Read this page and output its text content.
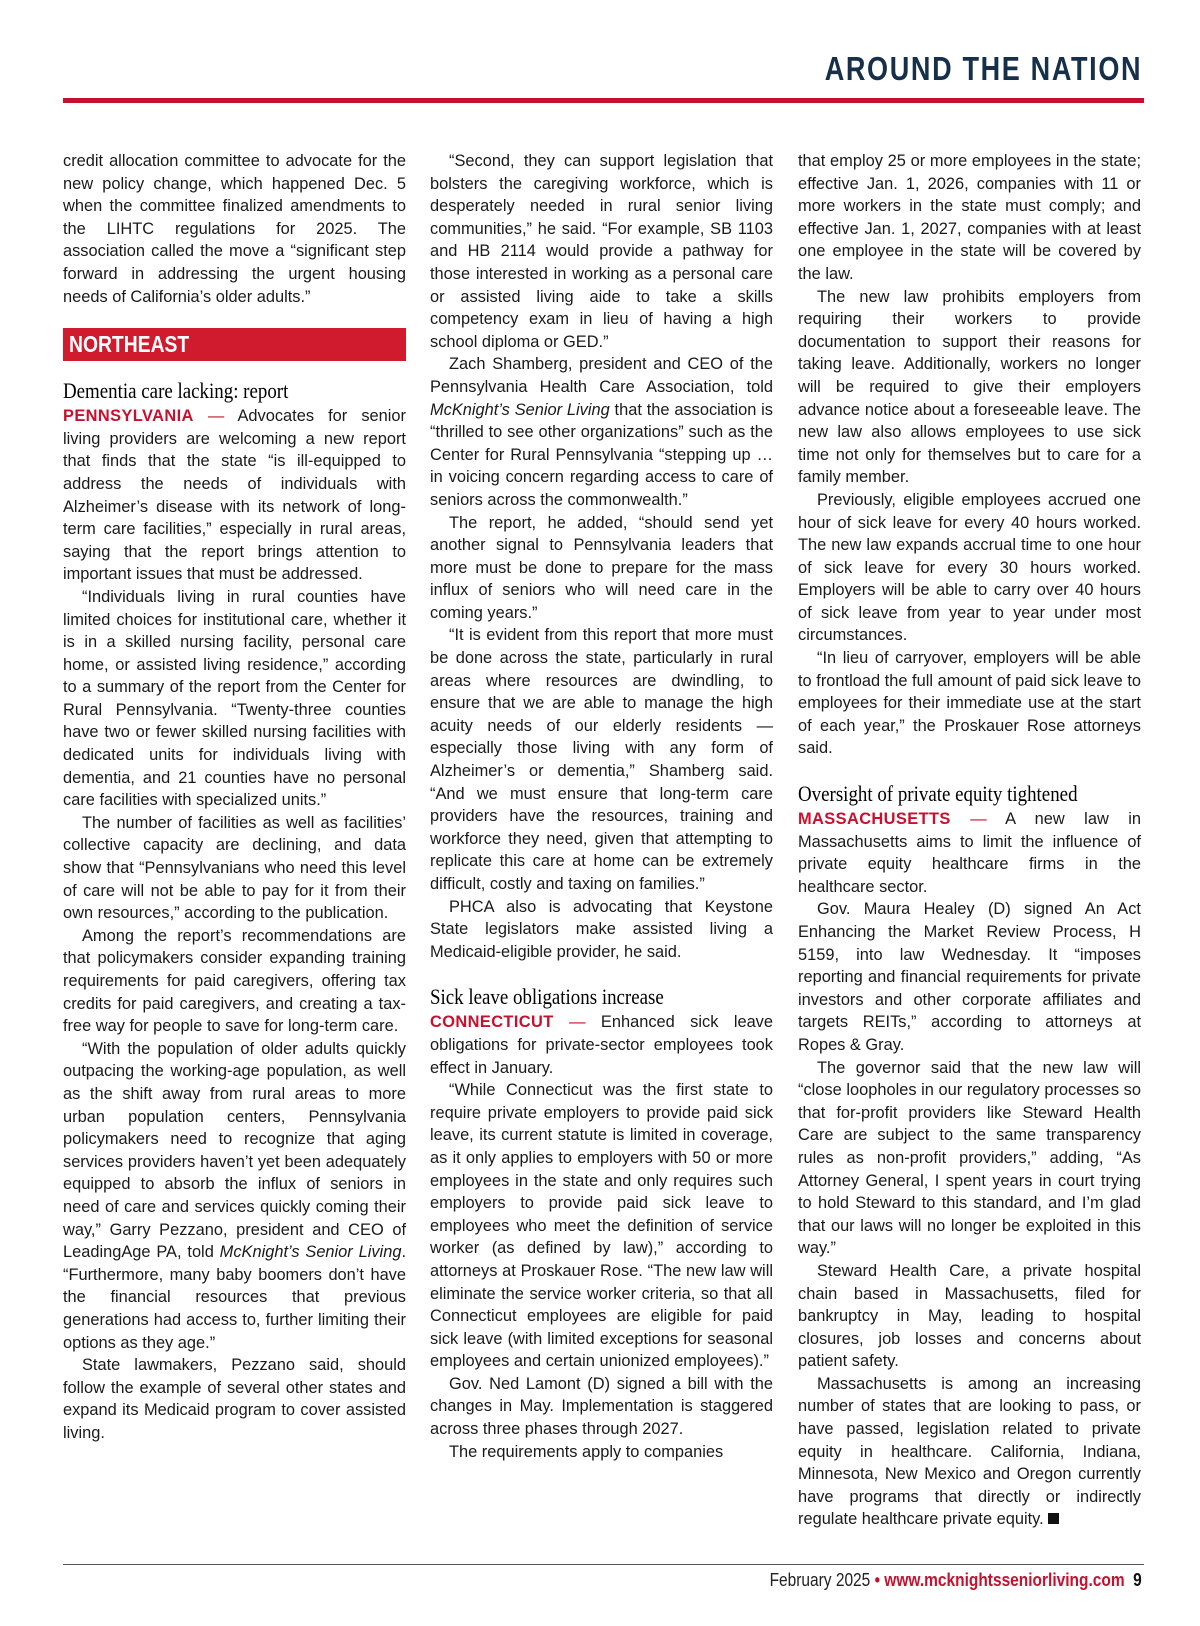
AROUND THE NATION

credit allocation committee to advocate for the new policy change, which happened Dec. 5 when the committee finalized amendments to the LIHTC regulations for 2025. The association called the move a “significant step forward in addressing the urgent housing needs of California’s older adults.”

NORTHEAST

Dementia care lacking: report

PENNSYLVANIA — Advocates for senior living providers are welcoming a new report that finds that the state “is ill-equipped to address the needs of individuals with Alzheimer’s disease with its network of long-term care facilities,” especially in rural areas, saying that the report brings attention to important issues that must be addressed.

“Individuals living in rural counties have limited choices for institutional care, whether it is in a skilled nursing facility, personal care home, or assisted living residence,” according to a summary of the report from the Center for Rural Pennsylvania. “Twenty-three counties have two or fewer skilled nursing facilities with dedicated units for individuals living with dementia, and 21 counties have no personal care facilities with specialized units.”

The number of facilities as well as facilities’ collective capacity are declining, and data show that “Pennsylvanians who need this level of care will not be able to pay for it from their own resources,” according to the publication.

Among the report’s recommendations are that policymakers consider expanding training requirements for paid caregivers, offering tax credits for paid caregivers, and creating a tax-free way for people to save for long-term care.

“With the population of older adults quickly outpacing the working-age population, as well as the shift away from rural areas to more urban population centers, Pennsylvania policymakers need to recognize that aging services providers haven’t yet been adequately equipped to absorb the influx of seniors in need of care and services quickly coming their way,” Garry Pezzano, president and CEO of LeadingAge PA, told McKnight’s Senior Living. “Furthermore, many baby boomers don’t have the financial resources that previous generations had access to, further limiting their options as they age.”

State lawmakers, Pezzano said, should follow the example of several other states and expand its Medicaid program to cover assisted living.

“Second, they can support legislation that bolsters the caregiving workforce, which is desperately needed in rural senior living communities,” he said. “For example, SB 1103 and HB 2114 would provide a pathway for those interested in working as a personal care or assisted living aide to take a skills competency exam in lieu of having a high school diploma or GED.”

Zach Shamberg, president and CEO of the Pennsylvania Health Care Association, told McKnight’s Senior Living that the association is “thrilled to see other organizations” such as the Center for Rural Pennsylvania “stepping up … in voicing concern regarding access to care of seniors across the commonwealth.”

The report, he added, “should send yet another signal to Pennsylvania leaders that more must be done to prepare for the mass influx of seniors who will need care in the coming years.”

“It is evident from this report that more must be done across the state, particularly in rural areas where resources are dwindling, to ensure that we are able to manage the high acuity needs of our elderly residents — especially those living with any form of Alzheimer’s or dementia,” Shamberg said. “And we must ensure that long-term care providers have the resources, training and workforce they need, given that attempting to replicate this care at home can be extremely difficult, costly and taxing on families.”

PHCA also is advocating that Keystone State legislators make assisted living a Medicaid-eligible provider, he said.

Sick leave obligations increase

CONNECTICUT — Enhanced sick leave obligations for private-sector employees took effect in January.

“While Connecticut was the first state to require private employers to provide paid sick leave, its current statute is limited in coverage, as it only applies to employers with 50 or more employees in the state and only requires such employers to provide paid sick leave to employees who meet the definition of service worker (as defined by law),” according to attorneys at Proskauer Rose. “The new law will eliminate the service worker criteria, so that all Connecticut employees are eligible for paid sick leave (with limited exceptions for seasonal employees and certain unionized employees).”

Gov. Ned Lamont (D) signed a bill with the changes in May. Implementation is staggered across three phases through 2027.

The requirements apply to companies

that employ 25 or more employees in the state; effective Jan. 1, 2026, companies with 11 or more workers in the state must comply; and effective Jan. 1, 2027, companies with at least one employee in the state will be covered by the law.

The new law prohibits employers from requiring their workers to provide documentation to support their reasons for taking leave. Additionally, workers no longer will be required to give their employers advance notice about a foreseeable leave. The new law also allows employees to use sick time not only for themselves but to care for a family member.

Previously, eligible employees accrued one hour of sick leave for every 40 hours worked. The new law expands accrual time to one hour of sick leave for every 30 hours worked. Employers will be able to carry over 40 hours of sick leave from year to year under most circumstances.

“In lieu of carryover, employers will be able to frontload the full amount of paid sick leave to employees for their immediate use at the start of each year,” the Proskauer Rose attorneys said.

Oversight of private equity tightened

MASSACHUSETTS — A new law in Massachusetts aims to limit the influence of private equity healthcare firms in the healthcare sector.

Gov. Maura Healey (D) signed An Act Enhancing the Market Review Process, H 5159, into law Wednesday. It “imposes reporting and financial requirements for private investors and other corporate affiliates and targets REITs,” according to attorneys at Ropes & Gray.

The governor said that the new law will “close loopholes in our regulatory processes so that for-profit providers like Steward Health Care are subject to the same transparency rules as non-profit providers,” adding, “As Attorney General, I spent years in court trying to hold Steward to this standard, and I’m glad that our laws will no longer be exploited in this way.”

Steward Health Care, a private hospital chain based in Massachusetts, filed for bankruptcy in May, leading to hospital closures, job losses and concerns about patient safety.

Massachusetts is among an increasing number of states that are looking to pass, or have passed, legislation related to private equity in healthcare. California, Indiana, Minnesota, New Mexico and Oregon currently have programs that directly or indirectly regulate healthcare private equity.

February 2025 • www.mcknightsseniorliving.com 9
